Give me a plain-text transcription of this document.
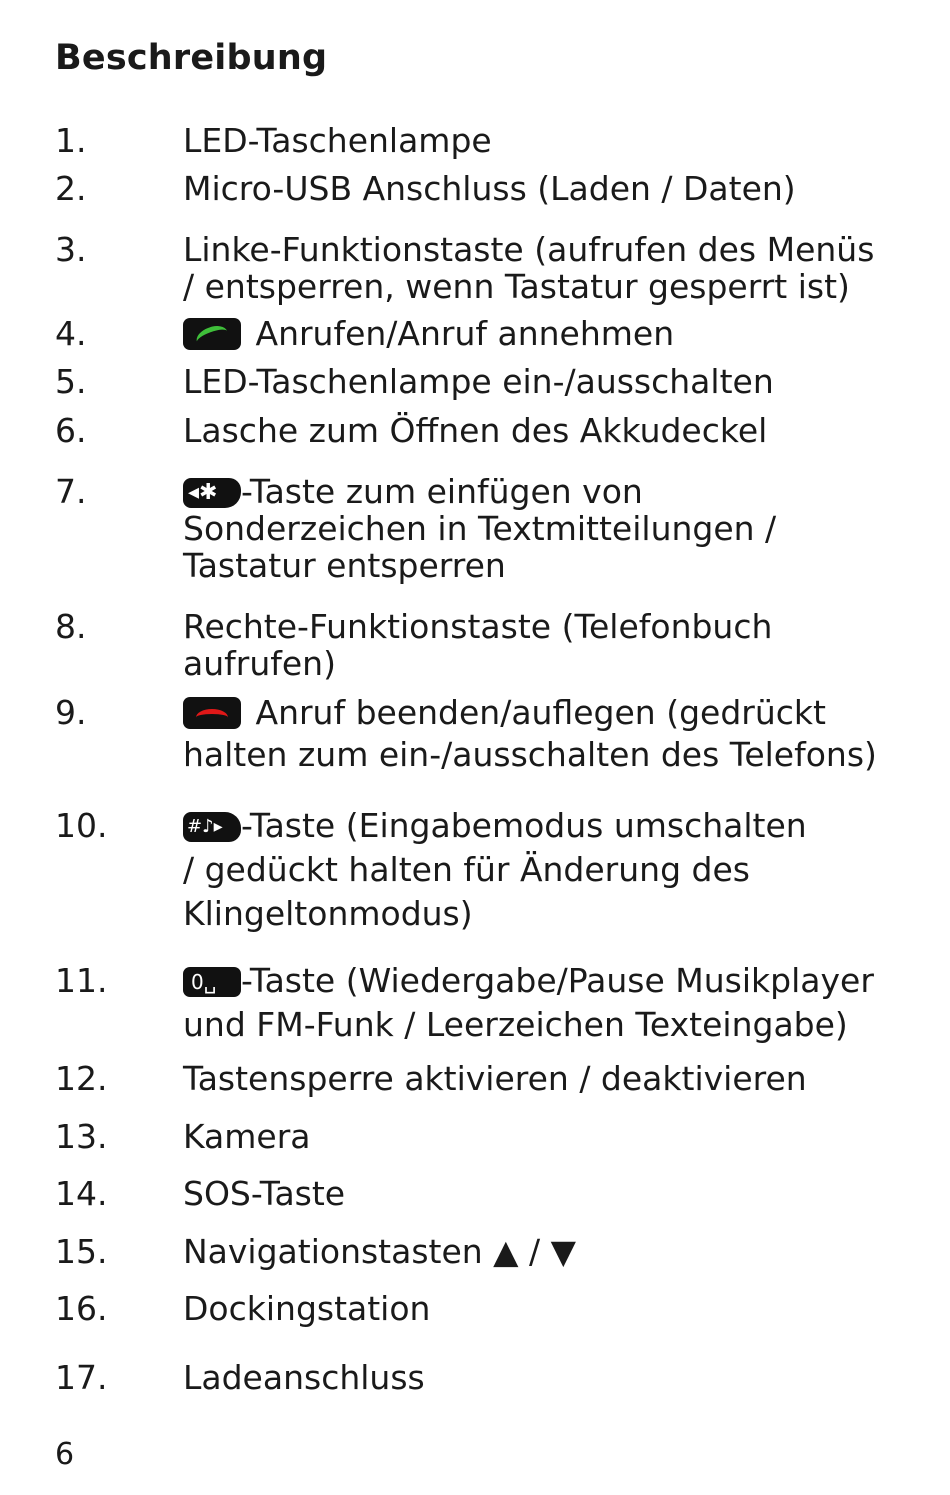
Beschreibung
1.	LED-Taschenlampe
2.	Micro-USB Anschluss (Laden / Daten)
3.	Linke-Funktionstaste (aufrufen des Menüs
/ entsperren, wenn Tastatur gesperrt ist)
4.	Anrufen/Anruf annehmen
5.	LED-Taschenlampe ein-/ausschalten
6.	Lasche zum Öffnen des Akkudeckel
7.	◂✱ -Taste zum einfügen von
Sonderzeichen in Textmitteilungen /
Tastatur entsperren
8.	Rechte-Funktionstaste (Telefonbuch
aufrufen)
9.	Anruf beenden/auflegen (gedrückt
halten zum ein-/ausschalten des Telefons)
10.	#♪▸ -Taste (Eingabemodus umschalten
/ gedückt halten für Änderung des
Klingeltonmodus)
11.	0␣ -Taste (Wiedergabe/Pause Musikplayer
und FM-Funk / Leerzeichen Texteingabe)
12. Tastensperre aktivieren / deaktivieren
13. Kamera
14. SOS-Taste
15. Navigationstasten ▲ / ▼
16. Dockingstation
17. Ladeanschluss
6
